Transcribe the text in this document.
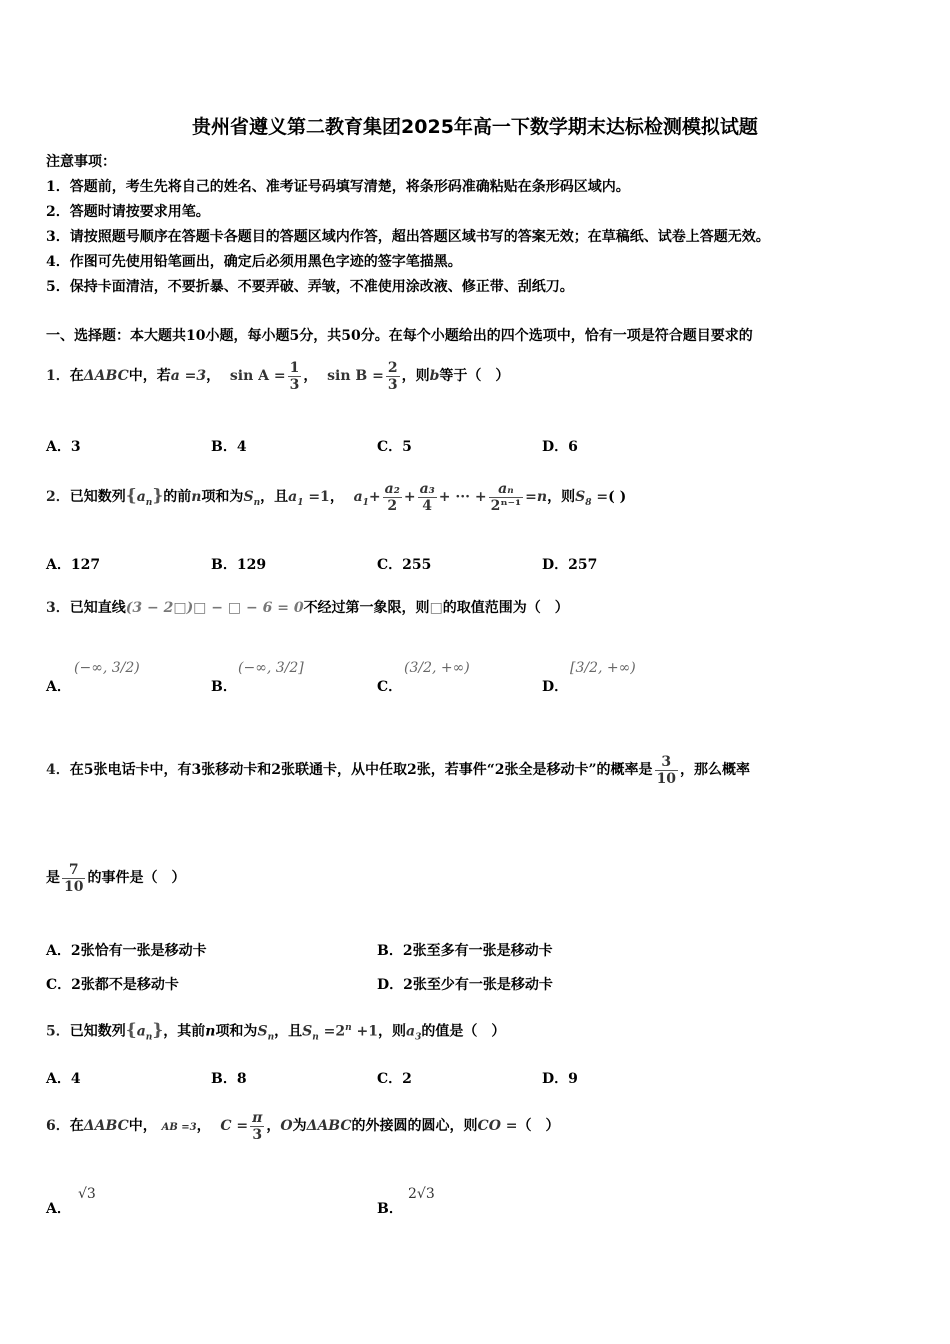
贵州省遵义第二教育集团2025年高一下数学期末达标检测模拟试题
注意事项：
1．答题前，考生先将自己的姓名、准考证号码填写清楚，将条形码准确粘贴在条形码区域内。
2．答题时请按要求用笔。
3．请按照题号顺序在答题卡各题目的答题区域内作答，超出答题区域书写的答案无效；在草稿纸、试卷上答题无效。
4．作图可先使用铅笔画出，确定后必须用黑色字迹的签字笔描黑。
5．保持卡面清洁，不要折暴、不要弄破、弄皱，不准使用涂改液、修正带、刮纸刀。
一、选择题：本大题共10小题，每小题5分，共50分。在每个小题给出的四个选项中，恰有一项是符合题目要求的
1．在ΔABC中，若a =3， $\sin A = \frac{1}{3}$ ， $\sin B = \frac{2}{3}$ ，则b等于（　）
A．3	B．4	C．5	D．6
2．已知数列$\{a_n\}$的前n项和为$S_n$，且$a_1 =1$， $a_1+ \frac{\text{a₂}}{2} + \frac{\text{a₃}}{4}$ + ··· + $\frac{\text{aₙ}}{\text{2ⁿ⁻¹}} =n$，则$S_8$ =( )
A．127	B．129	C．255	D．257
3．已知直线(3 − 2□)□ − □ − 6 = 0不经过第一象限，则□的取值范围为（　）
A．
(−∞, 3/2)
B．
(−∞, 3/2]
C．
(3/2, +∞)
D．
[3/2, +∞)
4．在5张电话卡中，有3张移动卡和2张联通卡，从中任取2张，若事件“2张全是移动卡”的概率是 $\frac{3}{10}$ ，那么概率
是 $\frac{7}{10}$ 的事件是（　）
A．2张恰有一张是移动卡	B．2张至多有一张是移动卡
C．2张都不是移动卡	D．2张至少有一张是移动卡
5．已知数列$\{a_n\}$，其前n项和为$S_n$，且$S_n =2^n +1$，则$a_3$的值是（　）
A．4	B．8	C．2	D．9
6．在ΔABC中， AB =3， $C = \frac{\pi}{3}$ ，O为ΔABC的外接圆的圆心，则CO =（　）
A．
√3
B．
2√3
